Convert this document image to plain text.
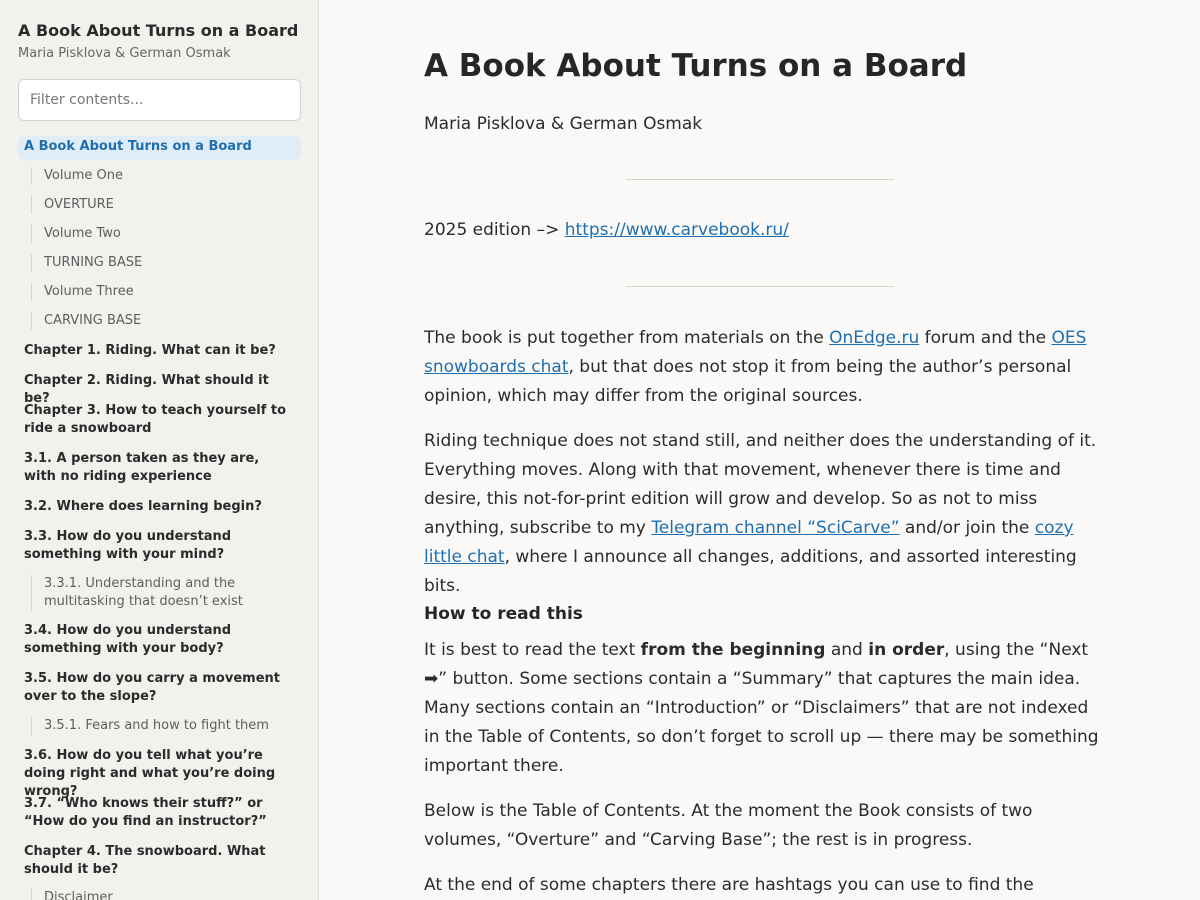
A Book About Turns on a Board
Maria Pisklova & German Osmak
Filter contents...
A Book About Turns on a Board
Volume One
OVERTURE
Volume Two
TURNING BASE
Volume Three
CARVING BASE
Chapter 1. Riding. What can it be?
Chapter 2. Riding. What should it be?
Chapter 3. How to teach yourself to ride a snowboard
3.1. A person taken as they are, with no riding experience
3.2. Where does learning begin?
3.3. How do you understand something with your mind?
3.3.1. Understanding and the multitasking that doesn’t exist
3.4. How do you understand something with your body?
3.5. How do you carry a movement over to the slope?
3.5.1. Fears and how to fight them
3.6. How do you tell what you’re doing right and what you’re doing wrong?
3.7. “Who knows their stuff?” or “How do you find an instructor?”
Chapter 4. The snowboard. What should it be?
Disclaimer
A Book About Turns on a Board
Maria Pisklova & German Osmak
2025 edition –> https://www.carvebook.ru/

The book is put together from materials on the OnEdge.ru forum and the OES snowboards chat, but that does not stop it from being the author’s personal opinion, which may differ from the original sources.

Riding technique does not stand still, and neither does the understanding of it. Everything moves. Along with that movement, whenever there is time and desire, this not-for-print edition will grow and develop. So as not to miss anything, subscribe to my Telegram channel “SciCarve” and/or join the cozy little chat, where I announce all changes, additions, and assorted interesting bits.

How to read this

It is best to read the text from the beginning and in order, using the “Next ➡” button. Some sections contain a “Summary” that captures the main idea. Many sections contain an “Introduction” or “Disclaimers” that are not indexed in the Table of Contents, so don’t forget to scroll up — there may be something important there.

Below is the Table of Contents. At the moment the Book consists of two volumes, “Overture” and “Carving Base”; the rest is in progress.

At the end of some chapters there are hashtags you can use to find the
